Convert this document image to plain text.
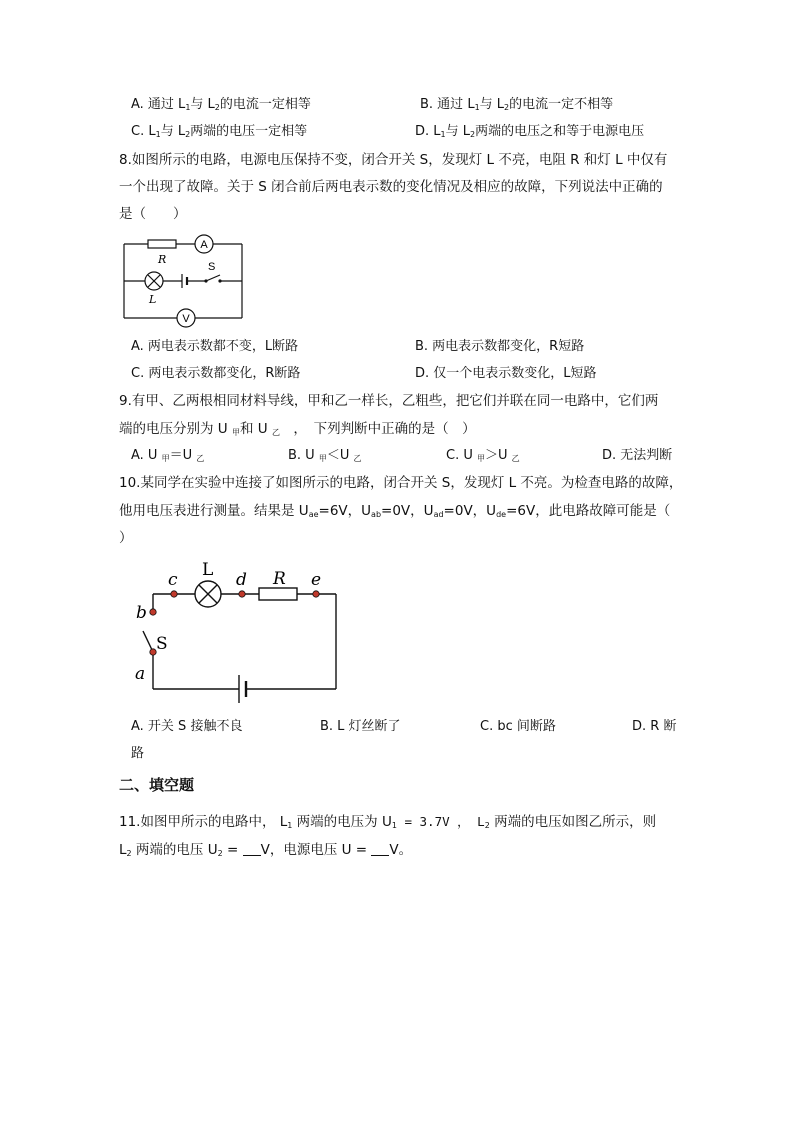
A. 通过 $L_1$与 $L_2$的电流一定相等	B. 通过 $L_1$与 $L_2$的电流一定不相等
C. $L_1$与 $L_2$两端的电压一定相等	D. $L_1$与 $L_2$两端的电压之和等于电源电压
8.如图所示的电路，电源电压保持不变，闭合开关 S，发现灯 L 不亮，电阻 R 和灯 L 中仅有
一个出现了故障。关于 S 闭合前后两电表示数的变化情况及相应的故障，下列说法中正确的
是（　　）
A
V
R
L
S
A. 两电表示数都不变，L断路	B. 两电表示数都变化，R短路
C. 两电表示数都变化，R断路	D. 仅一个电表示数变化，L短路
9.有甲、乙两根相同材料导线，甲和乙一样长，乙粗些，把它们并联在同一电路中，它们两
端的电压分别为 U $_甲$和 U $_乙$　，　下列判断中正确的是（　）
A. U $_甲$＝U $_乙$	B. U $_甲$＜U $_乙$	C. U $_甲$＞U $_乙$	D. 无法判断
10.某同学在实验中连接了如图所示的电路，闭合开关 S，发现灯 L 不亮。为检查电路的故障，
他用电压表进行测量。结果是 $U_{ae}=6V$，$U_{ab}=0V$，$U_{ad}=0V$，$U_{de}=6V$，此电路故障可能是（
）
b
a
c	d	e
L	R
S
A. 开关 S 接触不良	B. L 灯丝断了	C. bc 间断路	D. R 断
路
二、填空题
11.如图甲所示的电路中， $L_1$ 两端的电压为 $U_1 = 3.7V$ ， $L_2$ 两端的电压如图乙所示，则
$L_2$ 两端的电压 $U_2 = V$，电源电压 U = V。
